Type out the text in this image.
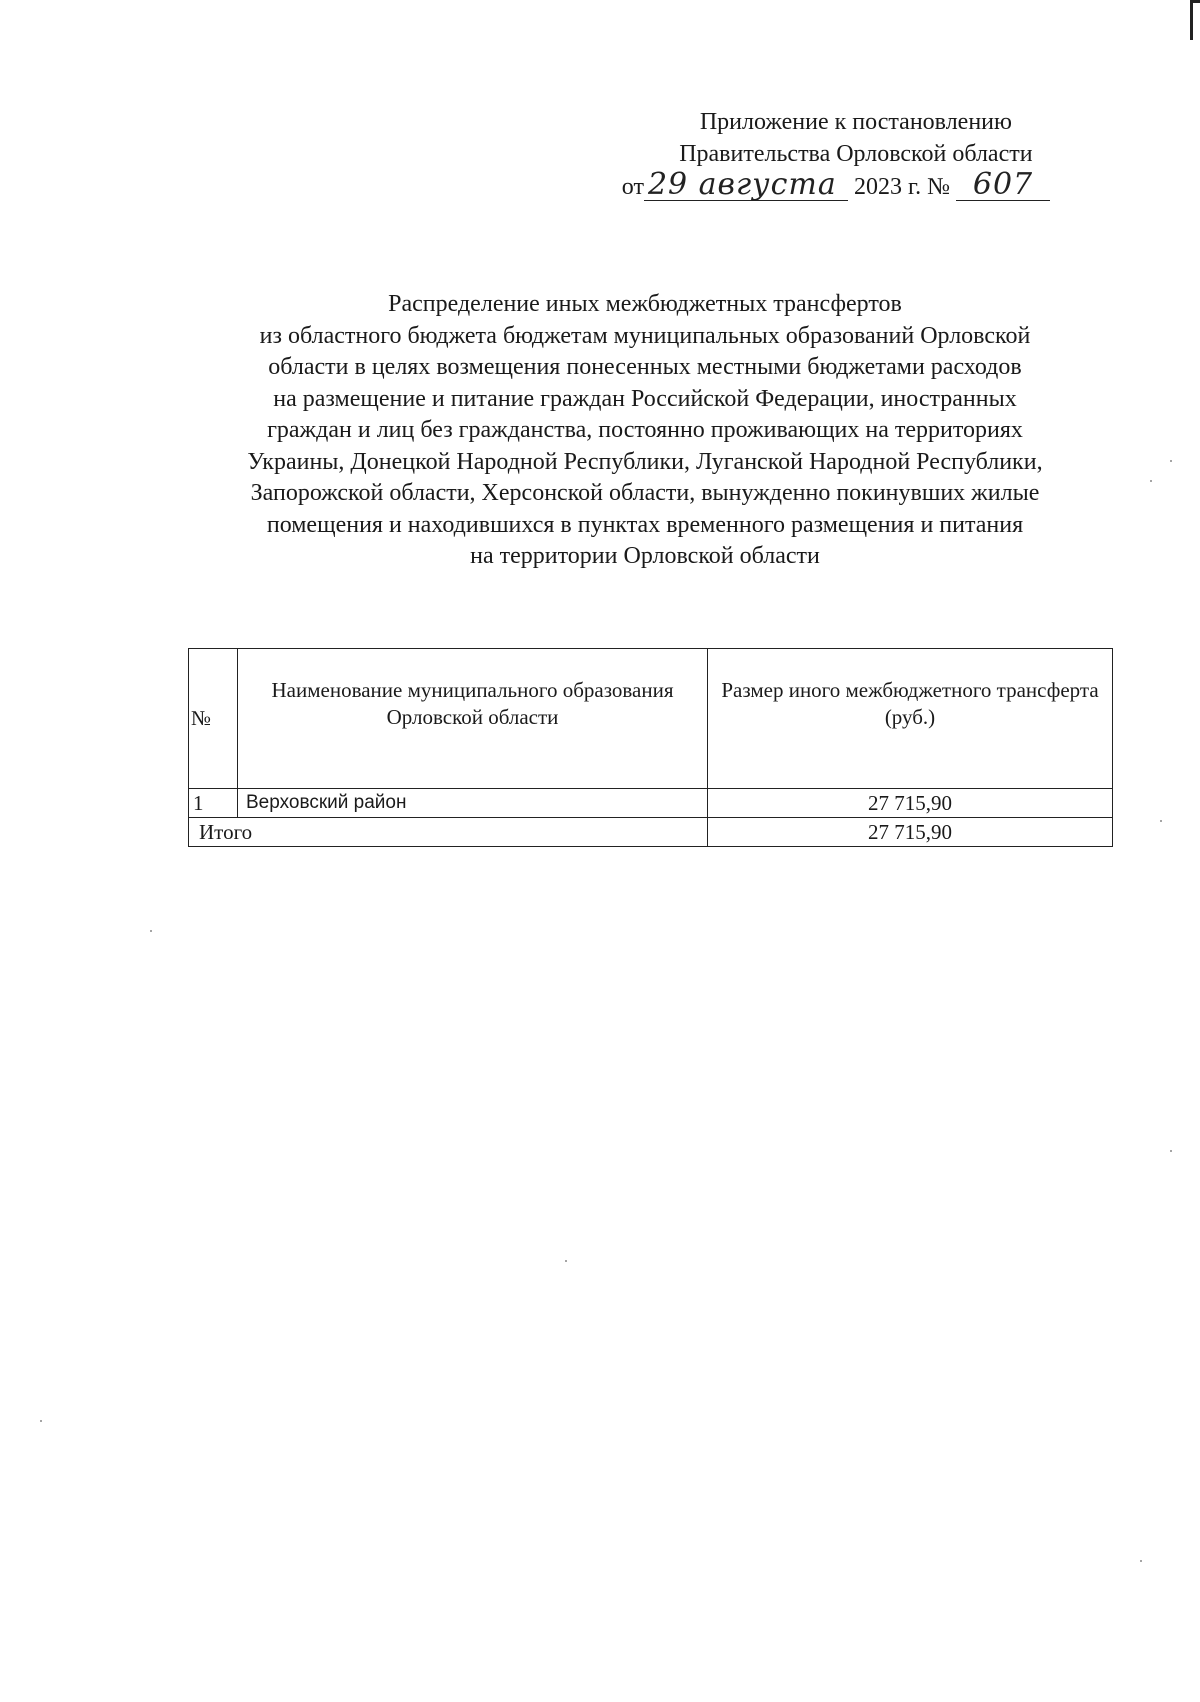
Приложение к постановлению
Правительства Орловской области
от 29 августа 2023 г. № 607
Распределение иных межбюджетных трансфертов
из областного бюджета бюджетам муниципальных образований Орловской
области в целях возмещения понесенных местными бюджетами расходов
на размещение и питание граждан Российской Федерации, иностранных
граждан и лиц без гражданства, постоянно проживающих на территориях
Украины, Донецкой Народной Республики, Луганской Народной Республики,
Запорожской области, Херсонской области, вынужденно покинувших жилые
помещения и находившихся в пунктах временного размещения и питания
на территории Орловской области
№	Наименование муниципального образования Орловской области	Размер иного межбюджетного трансферта (руб.)
1	Верховский район	27 715,90
Итого		27 715,90
